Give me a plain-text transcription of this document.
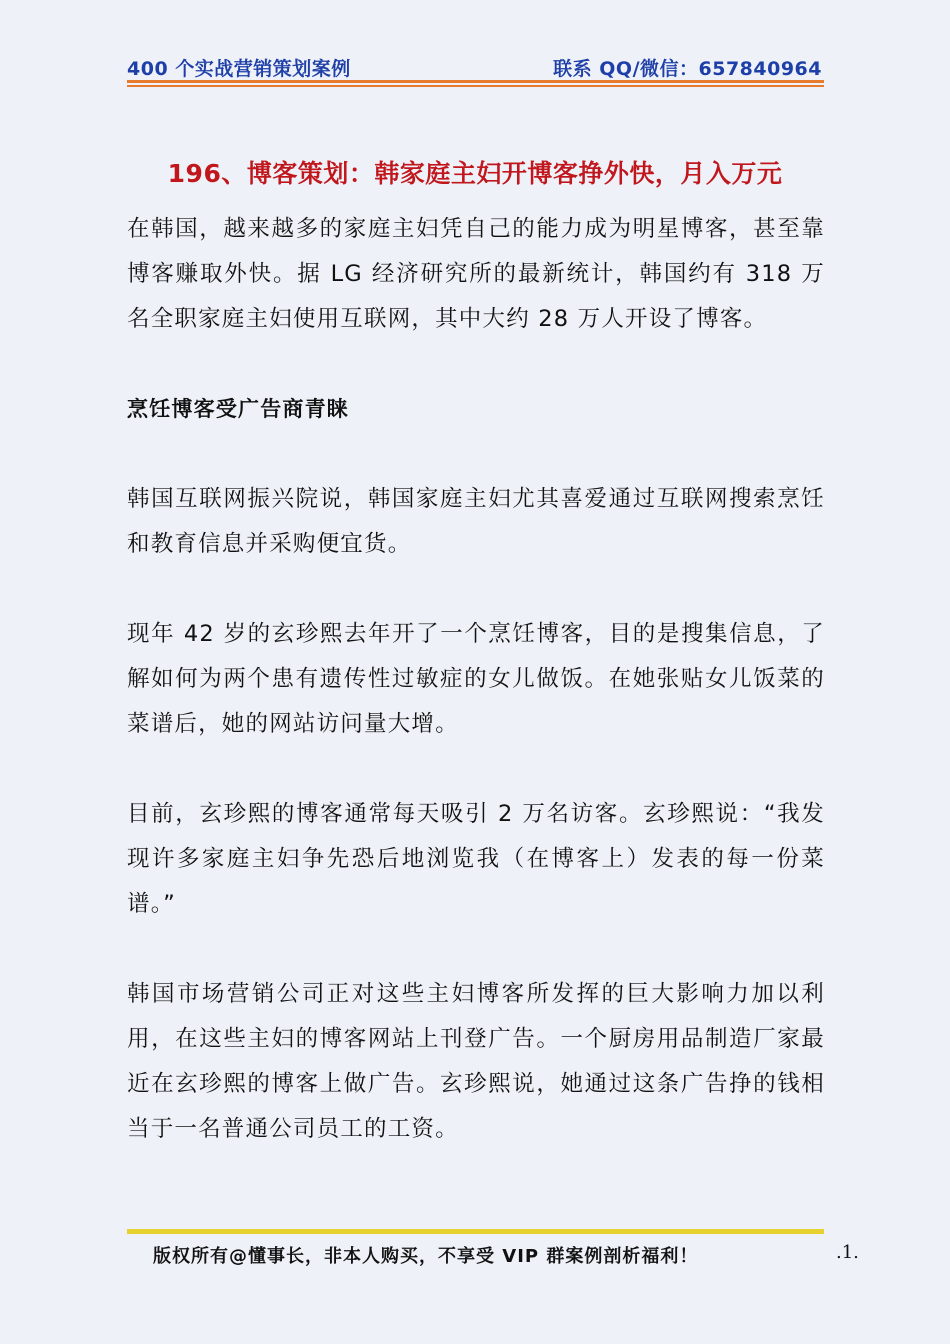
400 个实战营销策划案例	联系 QQ/微信：657840964
196、博客策划：韩家庭主妇开博客挣外快，月入万元

在韩国，越来越多的家庭主妇凭自己的能力成为明星博客，甚至靠博客赚取外快。据 LG 经济研究所的最新统计，韩国约有 318 万名全职家庭主妇使用互联网，其中大约 28 万人开设了博客。

烹饪博客受广告商青睐

韩国互联网振兴院说，韩国家庭主妇尤其喜爱通过互联网搜索烹饪和教育信息并采购便宜货。

现年 42 岁的玄珍熙去年开了一个烹饪博客，目的是搜集信息，了解如何为两个患有遗传性过敏症的女儿做饭。在她张贴女儿饭菜的菜谱后，她的网站访问量大增。

目前，玄珍熙的博客通常每天吸引 2 万名访客。玄珍熙说：“我发现许多家庭主妇争先恐后地浏览我（在博客上）发表的每一份菜谱。”

韩国市场营销公司正对这些主妇博客所发挥的巨大影响力加以利用，在这些主妇的博客网站上刊登广告。一个厨房用品制造厂家最近在玄珍熙的博客上做广告。玄珍熙说，她通过这条广告挣的钱相当于一名普通公司员工的工资。

版权所有@懂事长，非本人购买，不享受 VIP 群案例剖析福利！	.1.
